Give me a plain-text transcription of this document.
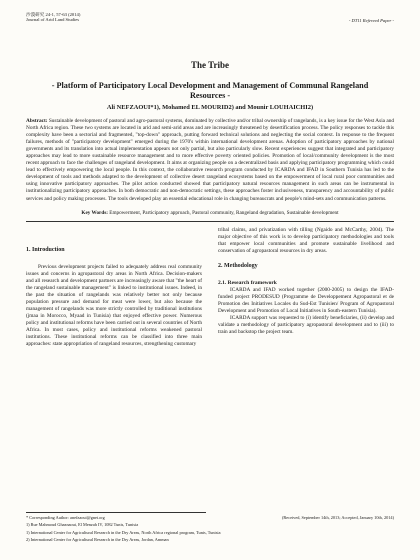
沙漠研究 24-1, 57-63 (2014)
Journal of Arid Land Studies	- DT11 Refereed Paper -
The Tribe
- Platform of Participatory Local Development and Management of Communal Rangeland Resources -
Ali NEFZAOUI*1), Mohamed EL MOURID2) and Mounir LOUHAICHI2)
Abstract: Sustainable development of pastoral and agro-pastoral systems, dominated by collective and/or tribal ownership of rangelands, is a key issue for the West Asia and North Africa region. These two systems are located in arid and semi-arid areas and are increasingly threatened by desertification process. The policy responses to tackle this complexity have been a sectorial and fragmented, "top-down" approach, putting forward technical solutions and neglecting the social context. In response to the frequent failures, methods of "participatory development" emerged during the 1970's within international development arenas. Adoption of participatory approaches by national governments and its translation into actual implementation appears not only partial, but also particularly slow. Recent experiences suggest that integrated and participatory approaches may lead to more sustainable resource management and to more effective poverty oriented policies. Promotion of local/community development is the most recent approach to face the challenges of rangeland development. It aims at organizing people on a decentralized basis and applying participatory programming which could lead to effectively empowering the local people. In this context, the collaborative research program conducted by ICARDA and IFAD in Southern Tunisia has led to the development of tools and methods adapted to the development of collective desert rangeland ecosystems based on the empowerment of local rural poor communities and using innovative participatory approaches. The pilot action conducted showed that participatory natural resources management in such areas can be instrumental in institutionalizing participatory approaches. In both democratic and non-democratic settings, these approaches foster inclusiveness, transparency and accountability of public services and policy making processes. The tools developed play an essential educational role in changing bureaucrats and people's mind-sets and communication patterns.
Key Words: Empowerment, Participatory approach, Pastoral community, Rangeland degradation, Sustainable development
1. Introduction

Previous development projects failed to adequately address real community issues and concerns in agropastoral dry areas in North Africa. Decision-makers and all research and development partners are increasingly aware that "the heart of the rangeland sustainable management" is linked to institutional issues. Indeed, in the past the situation of rangelands was relatively better not only because population pressure and demand for meat were lower, but also because the management of rangelands was more strictly controlled by traditional institutions (jmaa in Morocco, Myaad in Tunisia) that enjoyed effective power. Numerous policy and institutional reforms have been carried out in several countries of North Africa. In most cases, policy and institutional reforms weakened pastoral institutions. These institutional reforms can be classified into three main approaches: state appropriation of rangeland resources, strengthening customary

tribal claims, and privatization with tilling (Ngaido and McCarthy, 2004). The major objective of this work is to develop participatory methodologies and tools that empower local communities and promote sustainable livelihood and conservation of agropastoral resources in dry areas.

2. Methodology
2.1. Research framework

ICARDA and IFAD worked together (2000-2005) to design the IFAD-funded project PRODESUD (Programme de Developpement Agropastoral et de Promotion des Initiatives Locales du Sud-Est Tunisien/ Program of Agropastoral Development and Promotion of Local Initiatives in South-eastern Tunisia).

ICARDA support was requested to (i) identify beneficiaries, (ii) develop and validate a methodology of participatory agropastoral development and to (iii) to train and backstop the project team.

* Corresponding Author: anefzaoui@gnet.org	(Received, September 14th, 2013; Accepted, January 10th, 2014)
1) Rue Mahmoud Ghaznaoui, El Menzah IV, 1082 Tunis, Tunisia
1) International Center for Agricultural Research in the Dry Areas, North Africa regional program, Tunis, Tunisia
2) International Center for Agricultural Research in the Dry Areas, Jordan, Amman
